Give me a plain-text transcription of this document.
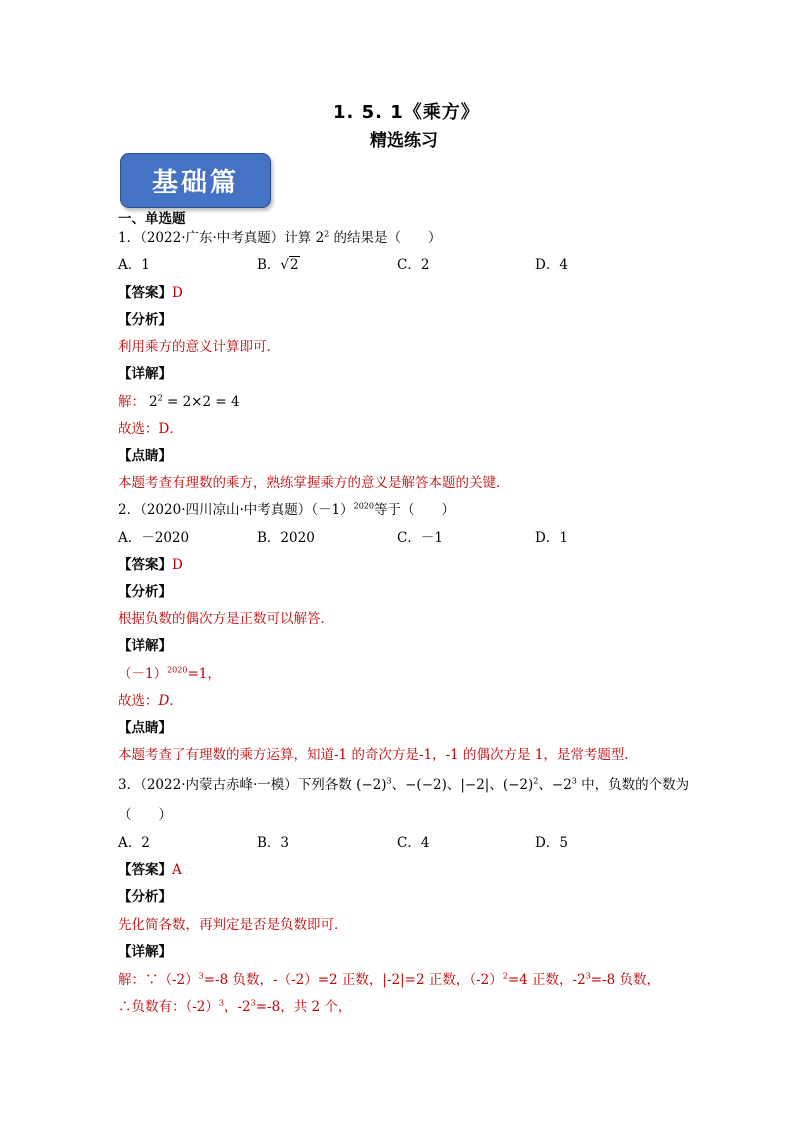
1. 5. 1《乘方》
精选练习
基础篇
一、单选题
1．（2022·广东·中考真题）计算 $2^2$ 的结果是（　　）
A．1	B．√2	C．2	D．4
【答案】D
【分析】
利用乘方的意义计算即可．
【详解】
解： $2^2 = 2\times 2 = 4$
故选：D．
【点睛】
本题考查有理数的乘方，熟练掌握乘方的意义是解答本题的关键．
2．（2020·四川凉山·中考真题）$(-1)^{2020}$等于（　　）
A．－2020	B．2020	C．－1	D．1
【答案】D
【分析】
根据负数的偶次方是正数可以解答．
【详解】
$(-1)^{2020}=1$，
故选：D．
【点睛】
本题考查了有理数的乘方运算，知道-1 的奇次方是-1，-1 的偶次方是 1，是常考题型．
3．（2022·内蒙古赤峰·一模）下列各数 $(-2)^3$、−(−2)、|−2|、$(-2)^2$、$-2^3$ 中，负数的个数为
（　　）
A．2	B．3	C．4	D．5
【答案】A
【分析】
先化简各数，再判定是否是负数即可．
【详解】
解：$\because(-2)^3=-8$ 负数，-（-2）=2 正数，|-2|=2 正数，$(-2)^2=4$ 正数，$-2^3=-8$ 负数，
∴负数有：$(-2)^3$，$-2^3=-8$，共 2 个，
